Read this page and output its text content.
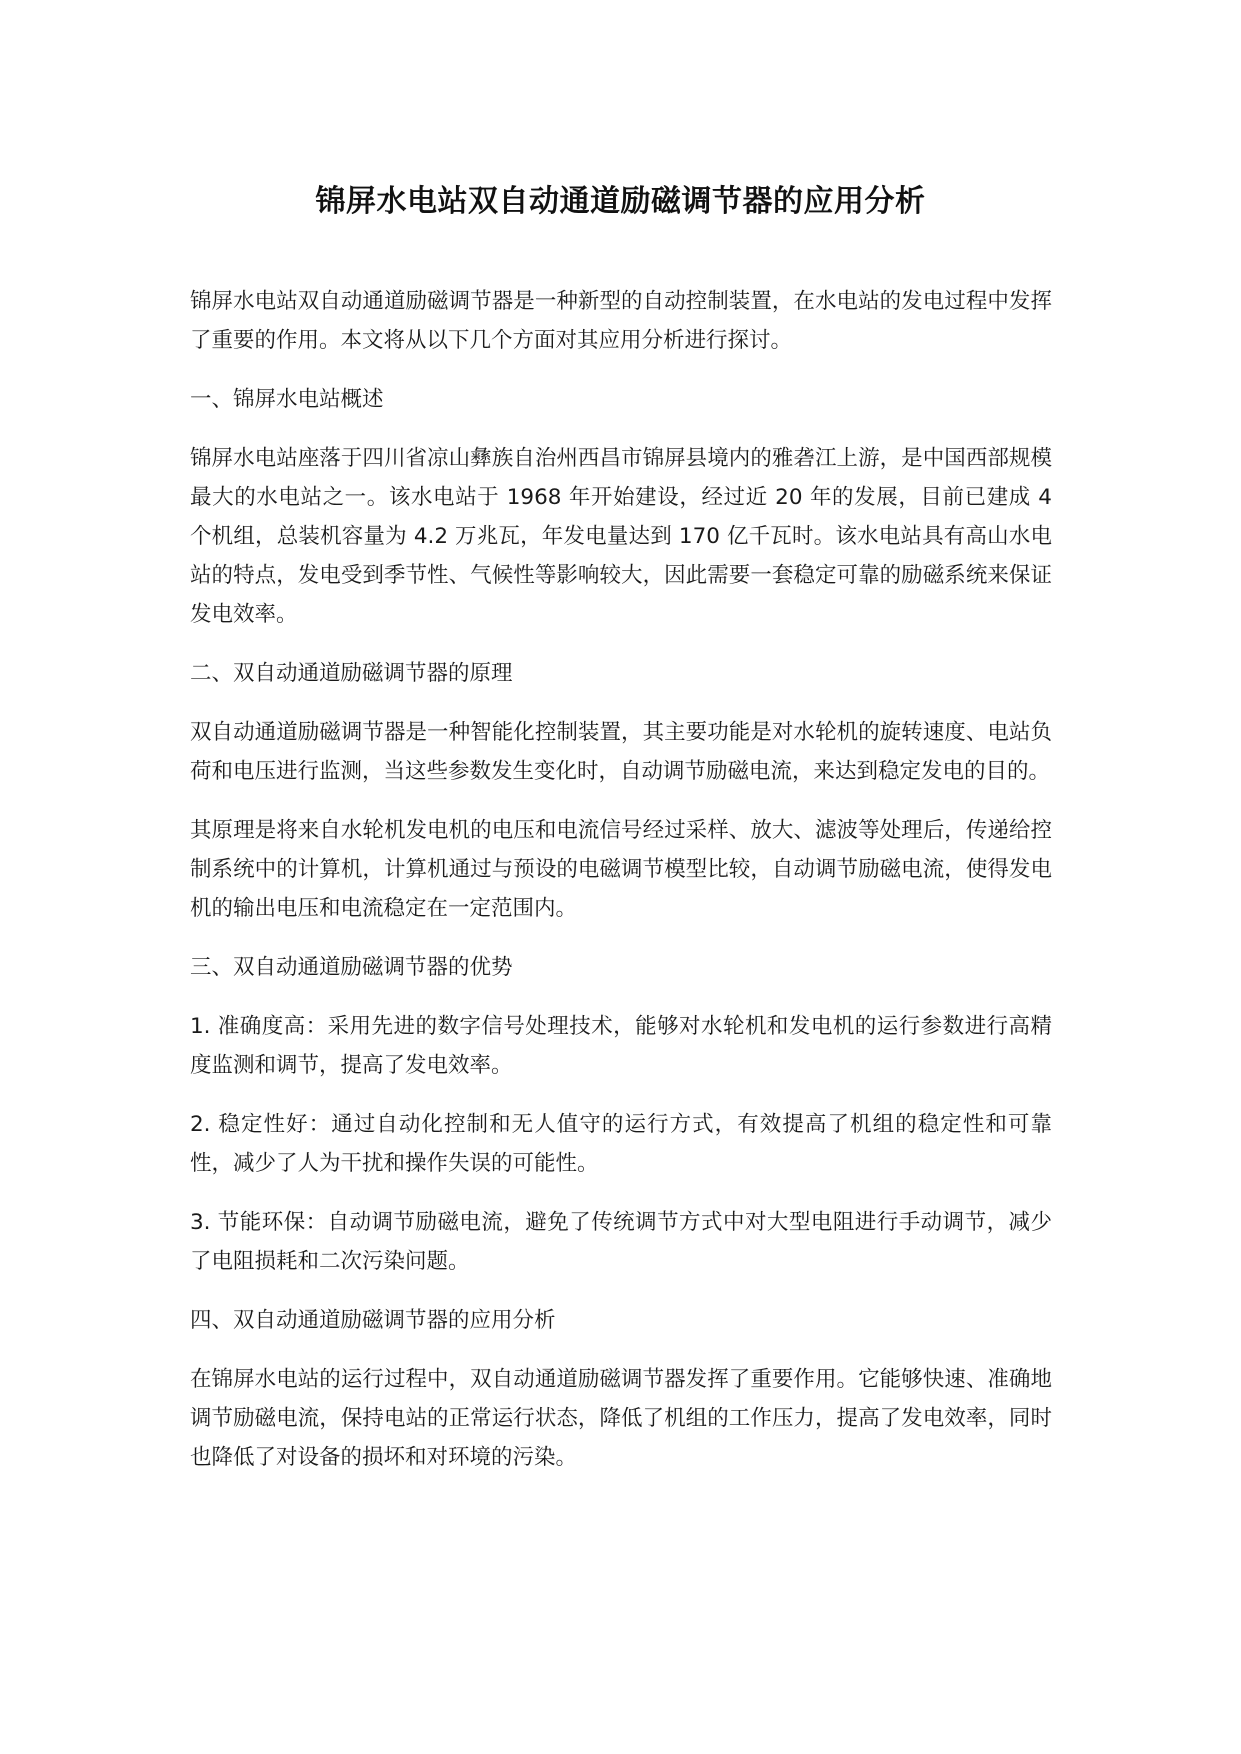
锦屏水电站双自动通道励磁调节器的应用分析

锦屏水电站双自动通道励磁调节器是一种新型的自动控制装置，在水电站的发电过程中发挥了重要的作用。本文将从以下几个方面对其应用分析进行探讨。

一、锦屏水电站概述

锦屏水电站座落于四川省凉山彝族自治州西昌市锦屏县境内的雅砻江上游，是中国西部规模最大的水电站之一。该水电站于 1968 年开始建设，经过近 20 年的发展，目前已建成 4 个机组，总装机容量为 4.2 万兆瓦，年发电量达到 170 亿千瓦时。该水电站具有高山水电站的特点，发电受到季节性、气候性等影响较大，因此需要一套稳定可靠的励磁系统来保证发电效率。

二、双自动通道励磁调节器的原理

双自动通道励磁调节器是一种智能化控制装置，其主要功能是对水轮机的旋转速度、电站负荷和电压进行监测，当这些参数发生变化时，自动调节励磁电流，来达到稳定发电的目的。

其原理是将来自水轮机发电机的电压和电流信号经过采样、放大、滤波等处理后，传递给控制系统中的计算机，计算机通过与预设的电磁调节模型比较，自动调节励磁电流，使得发电机的输出电压和电流稳定在一定范围内。

三、双自动通道励磁调节器的优势

1. 准确度高：采用先进的数字信号处理技术，能够对水轮机和发电机的运行参数进行高精度监测和调节，提高了发电效率。

2. 稳定性好：通过自动化控制和无人值守的运行方式，有效提高了机组的稳定性和可靠性，减少了人为干扰和操作失误的可能性。

3. 节能环保：自动调节励磁电流，避免了传统调节方式中对大型电阻进行手动调节，减少了电阻损耗和二次污染问题。

四、双自动通道励磁调节器的应用分析

在锦屏水电站的运行过程中，双自动通道励磁调节器发挥了重要作用。它能够快速、准确地调节励磁电流，保持电站的正常运行状态，降低了机组的工作压力，提高了发电效率，同时也降低了对设备的损坏和对环境的污染。
